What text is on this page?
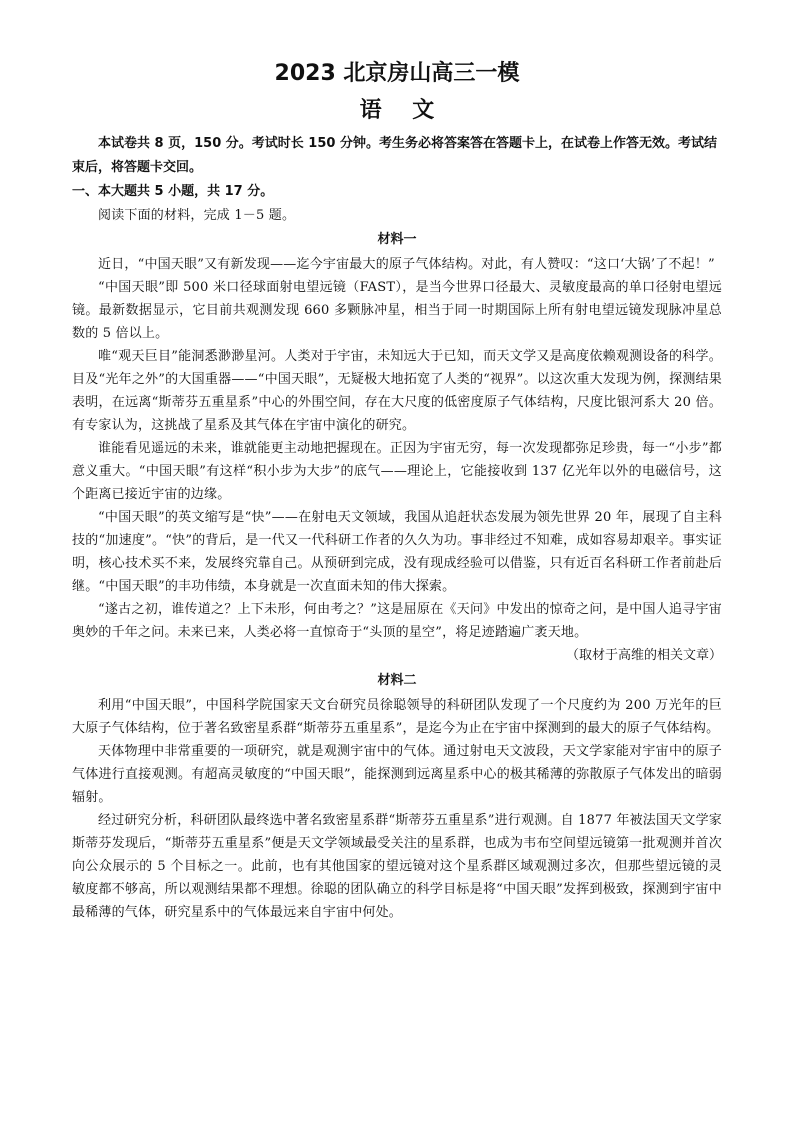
2023 北京房山高三一模
语    文

本试卷共 8 页，150 分。考试时长 150 分钟。考生务必将答案答在答题卡上，在试卷上作答无效。考试结束后，将答题卡交回。

一、本大题共 5 小题，共 17 分。

阅读下面的材料，完成 1－5 题。

材料一

近日，“中国天眼”又有新发现——迄今宇宙最大的原子气体结构。对此，有人赞叹：“这口‘大锅’了不起！”

“中国天眼”即 500 米口径球面射电望远镜（FAST），是当今世界口径最大、灵敏度最高的单口径射电望远镜。最新数据显示，它目前共观测发现 660 多颗脉冲星，相当于同一时期国际上所有射电望远镜发现脉冲星总数的 5 倍以上。

唯“观天巨目”能洞悉渺渺星河。人类对于宇宙，未知远大于已知，而天文学又是高度依赖观测设备的科学。目及“光年之外”的大国重器——“中国天眼”，无疑极大地拓宽了人类的“视界”。以这次重大发现为例，探测结果表明，在远离“斯蒂芬五重星系”中心的外围空间，存在大尺度的低密度原子气体结构，尺度比银河系大 20 倍。有专家认为，这挑战了星系及其气体在宇宙中演化的研究。

谁能看见遥远的未来，谁就能更主动地把握现在。正因为宇宙无穷，每一次发现都弥足珍贵，每一“小步”都意义重大。“中国天眼”有这样“积小步为大步”的底气——理论上，它能接收到 137 亿光年以外的电磁信号，这个距离已接近宇宙的边缘。

“中国天眼”的英文缩写是“快”——在射电天文领域，我国从追赶状态发展为领先世界 20 年，展现了自主科技的“加速度”。“快”的背后，是一代又一代科研工作者的久久为功。事非经过不知难，成如容易却艰辛。事实证明，核心技术买不来，发展终究靠自己。从预研到完成，没有现成经验可以借鉴，只有近百名科研工作者前赴后继。“中国天眼”的丰功伟绩，本身就是一次直面未知的伟大探索。

“遂古之初，谁传道之？上下未形，何由考之？”这是屈原在《天问》中发出的惊奇之问，是中国人追寻宇宙奥妙的千年之问。未来已来，人类必将一直惊奇于“头顶的星空”，将足迹踏遍广袤天地。

（取材于高维的相关文章）

材料二

利用“中国天眼”，中国科学院国家天文台研究员徐聪领导的科研团队发现了一个尺度约为 200 万光年的巨大原子气体结构，位于著名致密星系群“斯蒂芬五重星系”，是迄今为止在宇宙中探测到的最大的原子气体结构。

天体物理中非常重要的一项研究，就是观测宇宙中的气体。通过射电天文波段，天文学家能对宇宙中的原子气体进行直接观测。有超高灵敏度的“中国天眼”，能探测到远离星系中心的极其稀薄的弥散原子气体发出的暗弱辐射。

经过研究分析，科研团队最终选中著名致密星系群“斯蒂芬五重星系”进行观测。自 1877 年被法国天文学家斯蒂芬发现后，“斯蒂芬五重星系”便是天文学领域最受关注的星系群，也成为韦布空间望远镜第一批观测并首次向公众展示的 5 个目标之一。此前，也有其他国家的望远镜对这个星系群区域观测过多次，但那些望远镜的灵敏度都不够高，所以观测结果都不理想。徐聪的团队确立的科学目标是将“中国天眼”发挥到极致，探测到宇宙中最稀薄的气体，研究星系中的气体最远来自宇宙中何处。
